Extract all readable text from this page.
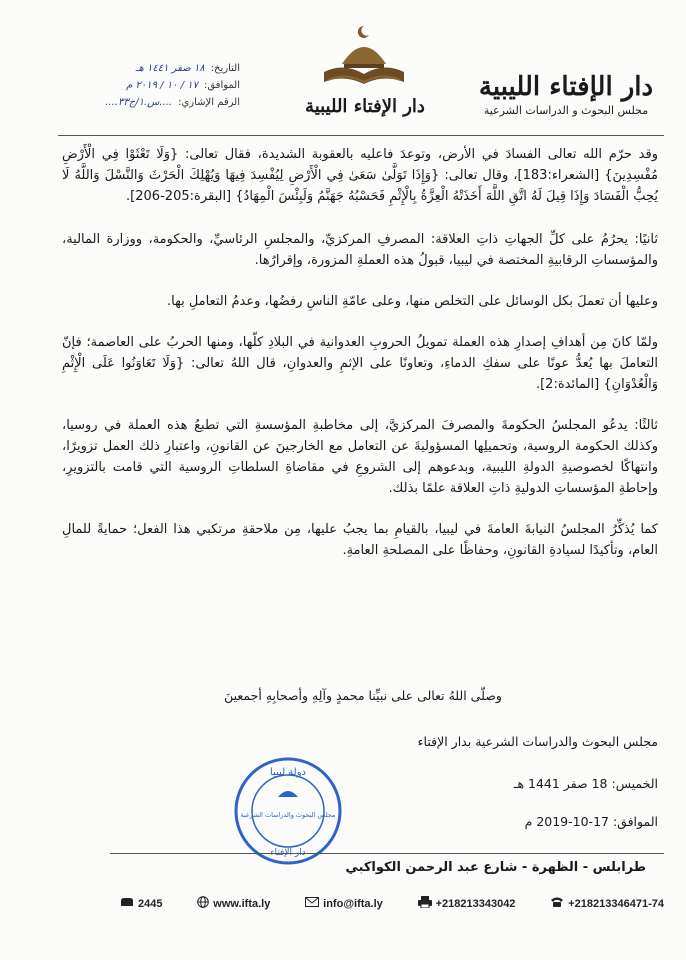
دار الإفتاء الليبية
مجلس البحوث و الدراسات الشرعية
دار الإفتاء الليبية
التاريخ:
١٨ صفر ١٤٤١ هـ
الموافق:
١٧ / ١٠ / ٢٠١٩ م
الرقم الإشاري:
....س.١/ج٣٣....

وقد حرّم الله تعالى الفسادَ في الأرض، وتوعدَ فاعليه بالعقوبة الشديدة، فقال تعالى: {وَلَا تَعْثَوْا فِي الْأَرْضِ مُفْسِدِينَ} [الشعراء:183]، وقال تعالى: {وَإِذَا تَوَلَّىٰ سَعَىٰ فِي الْأَرْضِ لِيُفْسِدَ فِيهَا وَيُهْلِكَ الْحَرْثَ وَالنَّسْلَ وَاللَّهُ لَا يُحِبُّ الْفَسَادَ وَإِذَا قِيلَ لَهُ اتَّقِ اللَّهَ أَخَذَتْهُ الْعِزَّةُ بِالْإِثْمِ فَحَسْبُهُ جَهَنَّمُ وَلَبِئْسَ الْمِهَادُ} [البقرة:205-206].

ثانيًا: يحرُمُ على كلِّ الجهاتِ ذاتِ العلاقة: المصرفِ المركزيِّ، والمجلسِ الرئاسيِّ، والحكومة، ووزارة المالية، والمؤسساتِ الرقابيةِ المختصة في ليبيا، قبولُ هذه العملةِ المزورة، وإقرارُها.

وعليها أن تعملَ بكل الوسائل على التخلص منها، وعلى عامّةِ الناسِ رفضُها، وعدمُ التعاملِ بها.

ولمّا كانَ مِن أهدافِ إصدارِ هذه العملة تمويلُ الحروبِ العدوانية في البلادِ كلّها، ومنها الحربُ على العاصمة؛ فإنّ التعاملَ بها يُعدُّ عونًا على سفكِ الدماءِ، وتعاونًا على الإثمِ والعدوانِ، قال اللهُ تعالى: {وَلَا تَعَاوَنُوا عَلَى الْإِثْمِ وَالْعُدْوَانِ} [المائدة:2].

ثالثًا: يدعُو المجلسُ الحكومةَ والمصرفَ المركزيَّ، إلى مخاطبةِ المؤسسةِ التي تطبعُ هذه العملة في روسيا، وكذلك الحكومة الروسية، وتحميلِها المسؤوليةَ عن التعامل مع الخارجينَ عن القانونِ، واعتبارِ ذلك العمل تزويرًا، وانتهاكًا لخصوصيةِ الدولةِ الليبية، وبدعوهم إلى الشروعِ في مقاضاةِ السلطاتِ الروسية التي قامت بالتزويرِ، وإحاطةِ المؤسساتِ الدوليةِ ذاتِ العلاقة علمًا بذلك.

كما يُذكِّرُ المجلسُ النيابةَ العامةَ في ليبيا، بالقيامِ بما يجبُ عليها، مِن ملاحقةِ مرتكبي هذا الفعل؛ حمايةً للمالِ العام، وتأكيدًا لسيادةِ القانونِ، وحفاظًا على المصلحةِ العامةِ.

وصلّى اللهُ تعالى على نبيِّنا محمدٍ وآلِهِ وأصحابِهِ أجمعينَ
مجلس البحوث والدراسات الشرعية بدار الإفتاء
الخميس: 18 صفر 1441 هـ
الموافق: 17-10-2019 م
دولة ليبيا
مجلس البحوث والدراسات الشرعية
دار الإفتاء
طرابلس - الظهرة - شارع عبد الرحمن الكواكبي
+218213346471-74
+218213343042
info@ifta.ly
www.ifta.ly
2445
